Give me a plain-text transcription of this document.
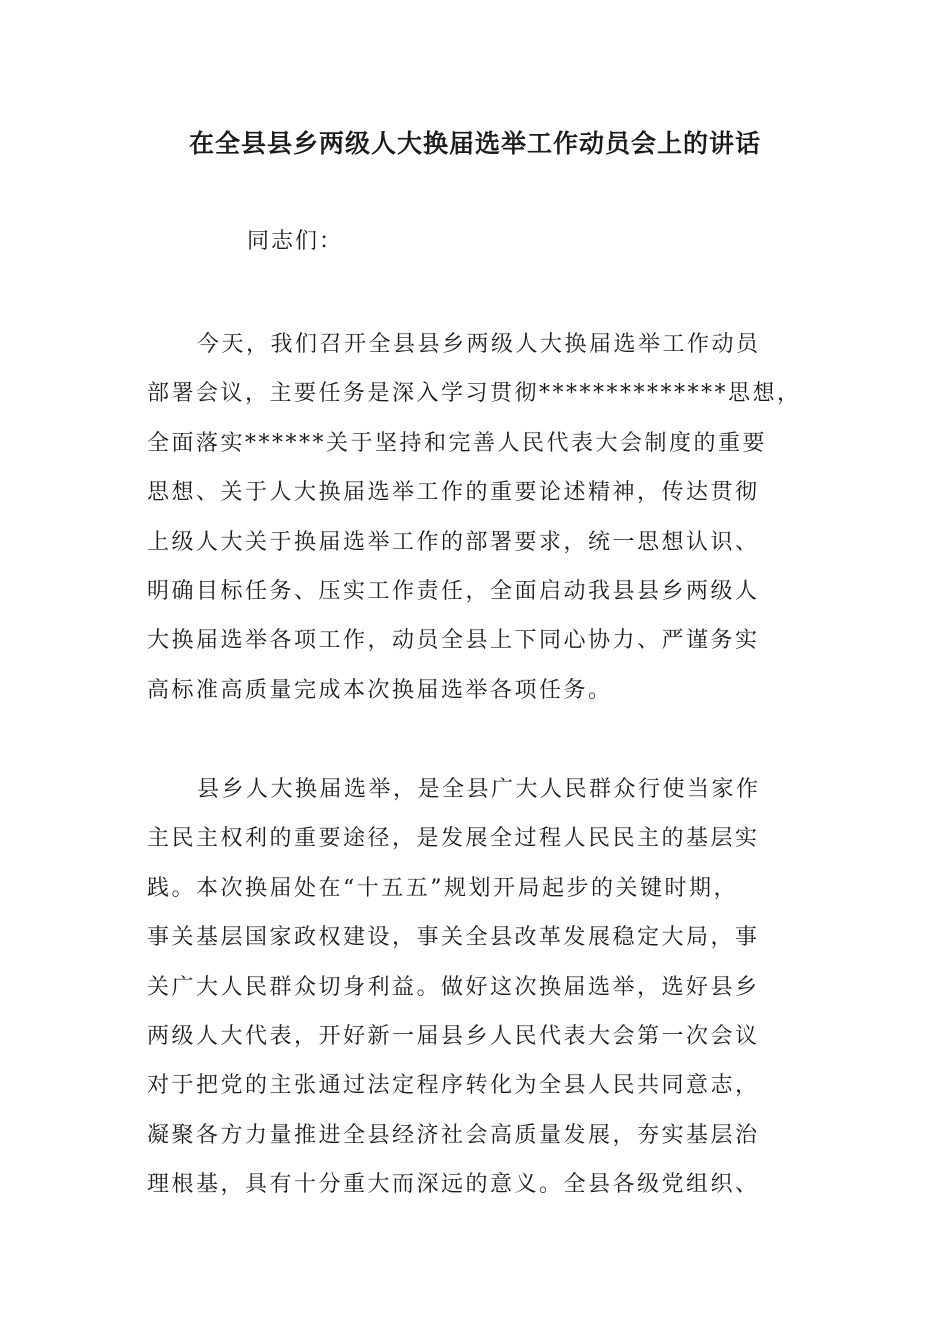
在全县县乡两级人大换届选举工作动员会上的讲话
同志们：
今天，我们召开全县县乡两级人大换届选举工作动员
部署会议，主要任务是深入学习贯彻**************思想，
全面落实******关于坚持和完善人民代表大会制度的重要
思想、关于人大换届选举工作的重要论述精神，传达贯彻
上级人大关于换届选举工作的部署要求，统一思想认识、
明确目标任务、压实工作责任，全面启动我县县乡两级人
大换届选举各项工作，动员全县上下同心协力、严谨务实
高标准高质量完成本次换届选举各项任务。
县乡人大换届选举，是全县广大人民群众行使当家作
主民主权利的重要途径，是发展全过程人民民主的基层实
践。本次换届处在“十五五”规划开局起步的关键时期，
事关基层国家政权建设，事关全县改革发展稳定大局，事
关广大人民群众切身利益。做好这次换届选举，选好县乡
两级人大代表，开好新一届县乡人民代表大会第一次会议
对于把党的主张通过法定程序转化为全县人民共同意志，
凝聚各方力量推进全县经济社会高质量发展，夯实基层治
理根基，具有十分重大而深远的意义。全县各级党组织、
